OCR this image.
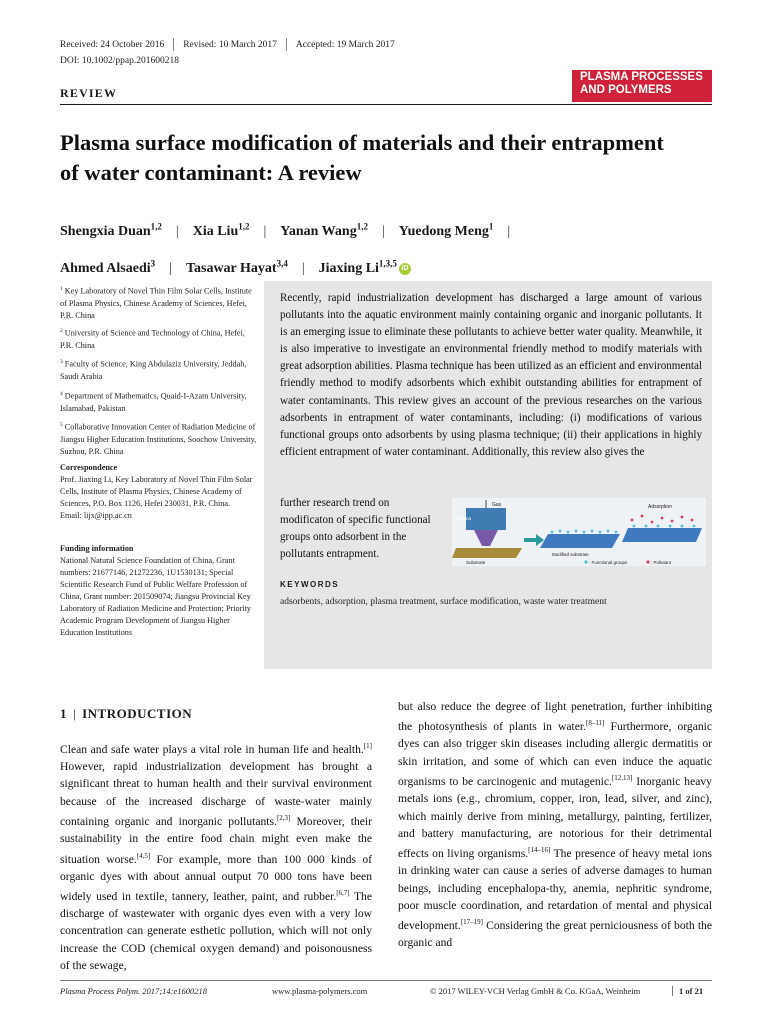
Received: 24 October 2016 Revised: 10 March 2017 Accepted: 19 March 2017
DOI: 10.1002/ppap.201600218
REVIEW
PLASMA PROCESSES
AND POLYMERS
Plasma surface modification of materials and their entrapment
of water contaminant: A review
Shengxia Duan$^{1,2}$ | Xia Liu$^{1,2}$ | Yanan Wang$^{1,2}$ | Yuedong Meng$^1$ |
Ahmed Alsaedi$^3$ | Tasawar Hayat$^{3,4}$ | Jiaxing Li$^{1,3,5}$ iD
$^1$ Key Laboratory of Novel Thin Film Solar Cells, Institute of Plasma Physics, Chinese Academy of Sciences, Hefei, P.R. China
$^2$ University of Science and Technology of China, Hefei, P.R. China
$^3$ Faculty of Science, King Abdulaziz University, Jeddah, Saudi Arabia
$^4$ Department of Mathematics, Quaid-I-Azam University, Islamabad, Pakistan
$^5$ Collaborative Innovation Center of Radiation Medicine of Jiangsu Higher Education Institutions, Soochow University, Suzhou, P.R. China
Correspondence
Prof. Jiaxing Li, Key Laboratory of Novel Thin Film Solar Cells, Institute of Plasma Physics, Chinese Academy of Sciences, P.O. Box 1126, Hefei 230031, P.R. China.
Email: lijx@ipp.ac.cn
Funding information
National Natural Science Foundation of China, Grant numbers: 21677146, 21272236, 1U1530131; Special Scientific Research Fund of Public Welfare Profession of China, Grant number: 201509074; Jiangsu Provincial Key Laboratory of Radiation Medicine and Protection; Priority Academic Program Development of Jiangsu Higher Education Institutions
Recently, rapid industrialization development has discharged a large amount of various pollutants into the aquatic environment mainly containing organic and inorganic pollutants. It is an emerging issue to eliminate these pollutants to achieve better water quality. Meanwhile, it is also imperative to investigate an environmental friendly method to modify materials with great adsorption abilities. Plasma technique has been utilized as an efficient and environmental friendly method to modify adsorbents which exhibit outstanding abilities for entrapment of water contaminants. This review gives an account of the previous researches on the various adsorbents in entrapment of water contaminants, including: (i) modifications of various functional groups onto adsorbents by using plasma technique; (ii) their applications in highly efficient entrapment of water contaminant. Additionally, this review also gives the
further research trend on modificaton of specific functional groups onto adsorbent in the pollutants entrapment.
Gas
Plasma
Substrate
Modified substrate
Adsorption
: Functional groups	: Pollutant
KEYWORDS
adsorbents, adsorption, plasma treatment, surface modification, waste water treatment
1 | INTRODUCTION
Clean and safe water plays a vital role in human life and health.[1] However, rapid industrialization development has brought a significant threat to human health and their survival environment because of the increased discharge of waste-water mainly containing organic and inorganic pollutants.[2,3] Moreover, their sustainability in the entire food chain might even make the situation worse.[4,5] For example, more than 100 000 kinds of organic dyes with about annual output 70 000 tons have been widely used in textile, tannery, leather, paint, and rubber.[6,7] The discharge of wastewater with organic dyes even with a very low concentration can generate esthetic pollution, which will not only increase the COD (chemical oxygen demand) and poisonousness of the sewage,
but also reduce the degree of light penetration, further inhibiting the photosynthesis of plants in water.[8–11] Furthermore, organic dyes can also trigger skin diseases including allergic dermatitis or skin irritation, and some of which can even induce the aquatic organisms to be carcinogenic and mutagenic.[12,13] Inorganic heavy metals ions (e.g., chromium, copper, iron, lead, silver, and zinc), which mainly derive from mining, metallurgy, painting, fertilizer, and battery manufacturing, are notorious for their detrimental effects on living organisms.[14–16] The presence of heavy metal ions in drinking water can cause a series of adverse damages to human beings, including encephalopa-thy, anemia, nephritic syndrome, poor muscle coordination, and retardation of mental and physical development.[17–19] Considering the great perniciousness of both the organic and
Plasma Process Polym. 2017;14:e1600218	www.plasma-polymers.com	© 2017 WILEY-VCH Verlag GmbH & Co. KGaA, Weinheim	1 of 21
